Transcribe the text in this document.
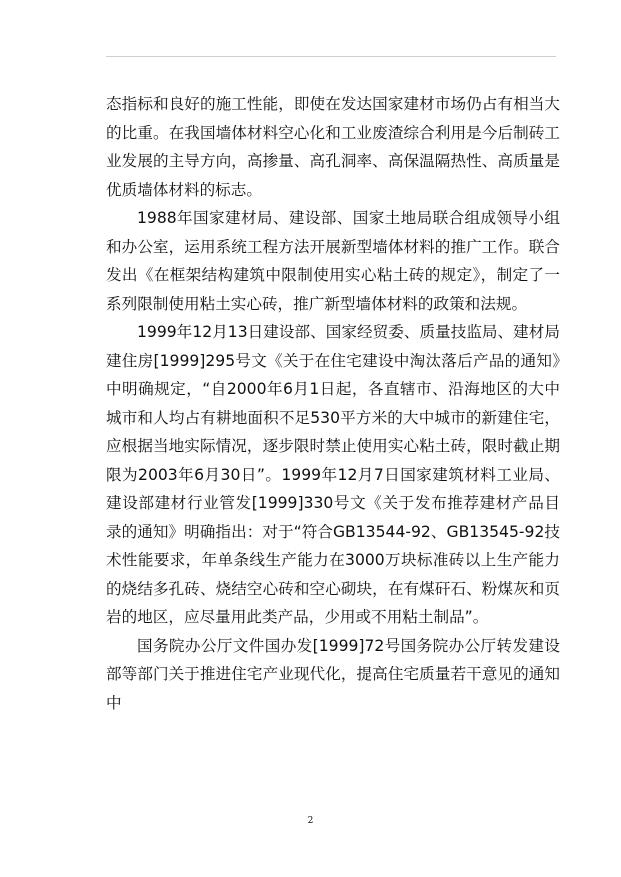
态指标和良好的施工性能，即使在发达国家建材市场仍占有相当大的比重。在我国墙体材料空心化和工业废渣综合利用是今后制砖工业发展的主导方向，高掺量、高孔洞率、高保温隔热性、高质量是优质墙体材料的标志。

1988年国家建材局、建设部、国家土地局联合组成领导小组和办公室，运用系统工程方法开展新型墙体材料的推广工作。联合发出《在框架结构建筑中限制使用实心粘土砖的规定》，制定了一系列限制使用粘土实心砖，推广新型墙体材料的政策和法规。

1999年12月13日建设部、国家经贸委、质量技监局、建材局建住房[1999]295号文《关于在住宅建设中淘汰落后产品的通知》中明确规定，“自2000年6月1日起，各直辖市、沿海地区的大中城市和人均占有耕地面积不足530平方米的大中城市的新建住宅，应根据当地实际情况，逐步限时禁止使用实心粘土砖，限时截止期限为2003年6月30日”。1999年12月7日国家建筑材料工业局、建设部建材行业管发[1999]330号文《关于发布推荐建材产品目录的通知》明确指出：对于“符合GB13544-92、GB13545-92技术性能要求，年单条线生产能力在3000万块标准砖以上生产能力的烧结多孔砖、烧结空心砖和空心砌块，在有煤矸石、粉煤灰和页岩的地区，应尽量用此类产品，少用或不用粘土制品”。

国务院办公厅文件国办发[1999]72号国务院办公厅转发建设部等部门关于推进住宅产业现代化，提高住宅质量若干意见的通知中

2
